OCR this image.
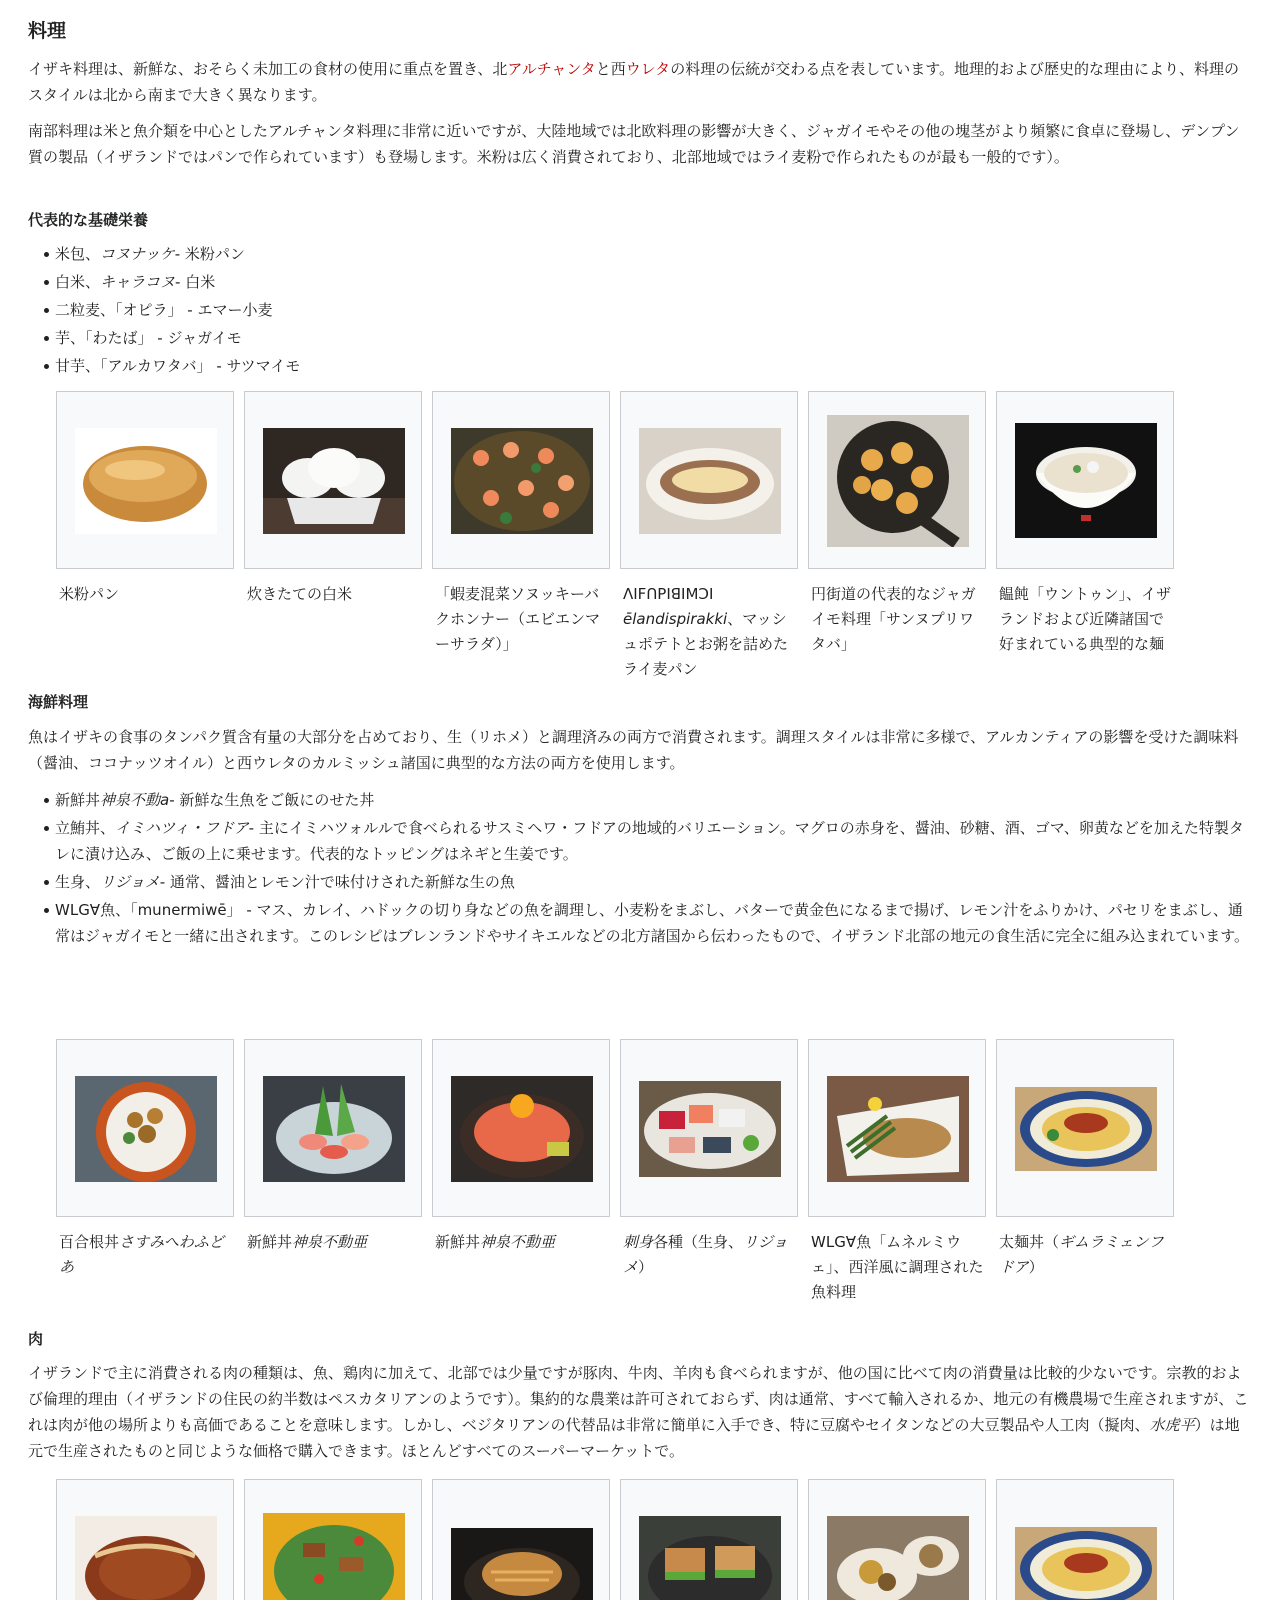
料理

イザキ料理は、新鮮な、おそらく未加工の食材の使用に重点を置き、北アルチャンタと西ウレタの料理の伝統が交わる点を表しています。地理的および歴史的な理由により、料理のスタイルは北から南まで大きく異なります。

南部料理は米と魚介類を中心としたアルチャンタ料理に非常に近いですが、大陸地域では北欧料理の影響が大きく、ジャガイモやその他の塊茎がより頻繁に食卓に登場し、デンプン質の製品（イザランドではパンで作られています）も登場します。米粉は広く消費されており、北部地域ではライ麦粉で作られたものが最も一般的です）。

代表的な基礎栄養
米包、コヌナッケ- 米粉パン
白米、キャラコヌ- 白米
二粒麦、「オピラ」 - エマー小麦
芋、「わたば」 - ジャガイモ
甘芋、「アルカワタバ」 - サツマイモ
米粉パン	炊きたての白米	「蝦麦混菜ソヌッキーバクホンナー（エビエンマーサラダ）」
ꓥꓲꓝꓵꓑꓲꓭꓲꓟꓛꓲ
ēlandispirakki、マッシュポテトとお粥を詰めたライ麦パン
円街道の代表的なジャガイモ料理「サンヌプリワタバ」
饂飩「ウントゥン」、イザランドおよび近隣諸国で好まれている典型的な麺
海鮮料理

魚はイザキの食事のタンパク質含有量の大部分を占めており、生（リホメ）と調理済みの両方で消費されます。調理スタイルは非常に多様で、アルカンティアの影響を受けた調味料（醤油、ココナッツオイル）と西ウレタのカルミッシュ諸国に典型的な方法の両方を使用します。

新鮮丼神泉不動a- 新鮮な生魚をご飯にのせた丼
立鮪丼、イミハツィ・フドア- 主にイミハツォルルで食べられるサスミヘワ・フドアの地域的バリエーション。マグロの赤身を、醤油、砂糖、酒、ゴマ、卵黄などを加えた特製タレに漬け込み、ご飯の上に乗せます。代表的なトッピングはネギと生姜です。
生身、リジョメ- 通常、醤油とレモン汁で味付けされた新鮮な生の魚
ꓪꓡꓖꓯ魚、「munermiwē」 - マス、カレイ、ハドックの切り身などの魚を調理し、小麦粉をまぶし、バターで黄金色になるまで揚げ、レモン汁をふりかけ、パセリをまぶし、通常はジャガイモと一緒に出されます。このレシピはブレンランドやサイキエルなどの北方諸国から伝わったもので、イザランド北部の地元の食生活に完全に組み込まれています。
百合根丼さすみへわふどあ
新鮮丼神泉不動亜	新鮮丼神泉不動亜	刺身各種（生身、リジョメ）
ꓪꓡꓖꓯ魚「ムネルミウェ」、西洋風に調理された魚料理
太麺丼（ギムラミェンフドア）
肉

イザランドで主に消費される肉の種類は、魚、鶏肉に加えて、北部では少量ですが豚肉、牛肉、羊肉も食べられますが、他の国に比べて肉の消費量は比較的少ないです。宗教的および倫理的理由（イザランドの住民の約半数はペスカタリアンのようです）。集約的な農業は許可されておらず、肉は通常、すべて輸入されるか、地元の有機農場で生産されますが、これは肉が他の場所よりも高価であることを意味します。しかし、ベジタリアンの代替品は非常に簡単に入手でき、特に豆腐やセイタンなどの大豆製品や人工肉（擬肉、水虎平）は地元で生産されたものと同じような価格で購入できます。ほとんどすべてのスーパーマーケットで。
